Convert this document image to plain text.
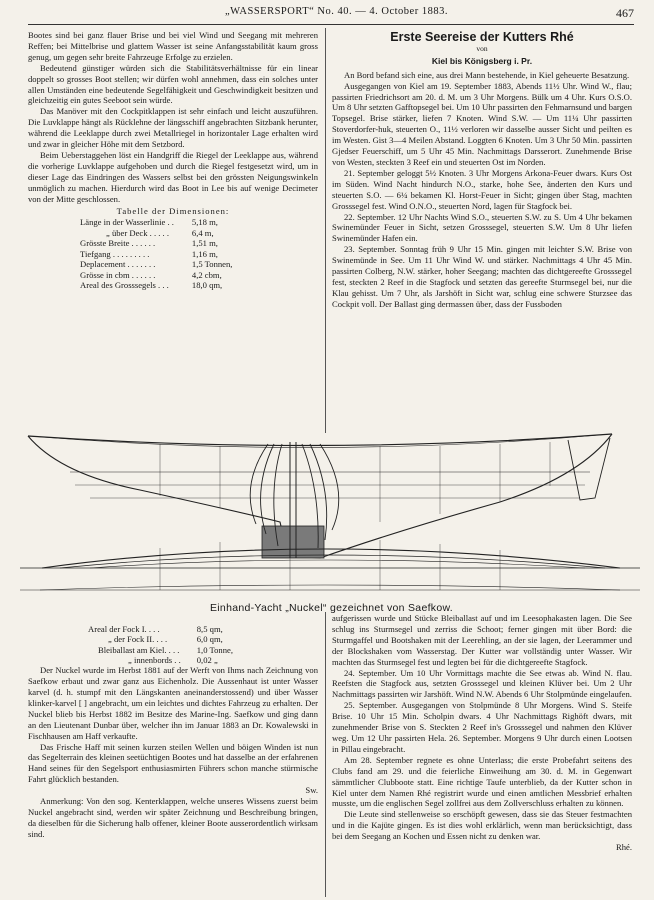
„WASSERSPORT“ No. 40. — 4. October 1883.	467

Bootes sind bei ganz flauer Brise und bei viel Wind und Seegang mit mehreren Reffen; bei Mittelbrise und glattem Wasser ist seine Anfangsstabilität kaum gross genug, um gegen sehr breite Fahrzeuge Erfolge zu erzielen.

Bedeutend günstiger würden sich die Stabilitätsverhältnisse für ein linear doppelt so grosses Boot stellen; wir dürfen wohl annehmen, dass ein solches unter allen Umständen eine bedeutende Segelfähigkeit und Geschwindigkeit besitzen und gleichzeitig ein gutes Seeboot sein würde.

Das Manöver mit den Cockpitklappen ist sehr einfach und leicht auszuführen. Die Luvklappe hängt als Rücklehne der längsschiff angebrachten Sitzbank herunter, während die Leeklappe durch zwei Metallriegel in horizontaler Lage erhalten wird und zwar in gleicher Höhe mit dem Setzbord.

Beim Ueberstaggehen löst ein Handgriff die Riegel der Leeklappe aus, während die vorherige Luvklappe aufgehoben und durch die Riegel festgesetzt wird, um in dieser Lage das Eindringen des Wassers selbst bei den grössten Neigungswinkeln unmöglich zu machen. Hierdurch wird das Boot in Lee bis auf wenige Decimeter von der Mitte geschlossen.

Tabelle der Dimensionen:
Länge in der Wasserlinie . .	5,18 m,
„ über Deck . . . . .	6,4 m,
Grösste Breite . . . . . .	1,51 m,
Tiefgang . . . . . . . . .	1,16 m,
Deplacement . . . . . . .	1,5 Tonnen,
Grösse in cbm . . . . . .	4,2 cbm,
Areal des Grosssegels . . .	18,0 qm,
Erste Seereise der Kutters Rhé
von
Kiel bis Königsberg i. Pr.

An Bord befand sich eine, aus drei Mann bestehende, in Kiel geheuerte Besatzung.

Ausgegangen von Kiel am 19. September 1883, Abends 11½ Uhr. Wind W., flau; passirten Friedrichsort am 20. d. M. um 3 Uhr Morgens. Bülk um 4 Uhr. Kurs O.S.O. Um 8 Uhr setzten Gafftopsegel bei. Um 10 Uhr passirten den Fehmarnsund und bargen Topsegel. Brise stärker, liefen 7 Knoten. Wind S.W. — Um 11¼ Uhr passirten Stoverdorfer-huk, steuerten O., 11½ verloren wir dasselbe ausser Sicht und peilten es im Westen. Gist 3—4 Meilen Abstand. Loggten 6 Knoten. Um 3 Uhr 50 Min. passirten Gjedser Feuerschiff, um 5 Uhr 45 Min. Nachmittags Darsserort. Zunehmende Brise von Westen, steckten 3 Reef ein und steuerten Ost im Norden.

21. September geloggt 5½ Knoten. 3 Uhr Morgens Arkona-Feuer dwars. Kurs Ost im Süden. Wind Nacht hindurch N.O., starke, hohe See, änderten den Kurs und steuerten S.O. — 6¼ bekamen Kl. Horst-Feuer in Sicht; gingen über Stag, machten Grosssegel fest. Wind O.N.O., steuerten Nord, lagen für Stagfock bei.

22. September. 12 Uhr Nachts Wind S.O., steuerten S.W. zu S. Um 4 Uhr bekamen Swinemünder Feuer in Sicht, setzen Grosssegel, steuerten S.W. Um 8 Uhr liefen Swinemünder Hafen ein.

23. September. Sonntag früh 9 Uhr 15 Min. gingen mit leichter S.W. Brise von Swinemünde in See. Um 11 Uhr Wind W. und stärker. Nachmittags 4 Uhr 45 Min. passirten Colberg, N.W. stärker, hoher Seegang; machten das dichtgereefte Grosssegel fest, steckten 2 Reef in die Stagfock und setzten das gereefte Sturmsegel bei, nur die Klau gehisst. Um 7 Uhr, als Jarshöft in Sicht war, schlug eine schwere Sturzsee das Cockpit voll. Der Ballast ging dermassen über, dass der Fussboden

Einhand-Yacht „Nuckel“ gezeichnet von Saefkow.
Areal der Fock I. . . .	8,5 qm,
„ der Fock II. . . .	6,0 qm,
Bleiballast am Kiel. . . .	1,0 Tonne,
„ innenbords . .	0,02 „

Der Nuckel wurde im Herbst 1881 auf der Werft von Ihms nach Zeichnung von Saefkow erbaut und zwar ganz aus Eichenholz. Die Aussenhaut ist unter Wasser karvel (d. h. stumpf mit den Längskanten aneinanderstossend) und über Wasser klinker-karvel [ ] angebracht, um ein leichtes und dichtes Fahrzeug zu erhalten. Der Nuckel blieb bis Herbst 1882 im Besitze des Marine-Ing. Saefkow und ging dann an den Lieutenant Dunbar über, welcher ihn im Januar 1883 an Dr. Kowalewski in Fischhausen am Haff verkaufte.

Das Frische Haff mit seinen kurzen steilen Wellen und böigen Winden ist nun das Segelterrain des kleinen seetüchtigen Bootes und hat dasselbe an der erfahrenen Hand seines für den Segelsport enthusiasmirten Führers schon manche stürmische Fahrt glücklich bestanden.

Sw.

Anmerkung: Von den sog. Kenterklappen, welche unseres Wissens zuerst beim Nuckel angebracht sind, werden wir später Zeichnung und Beschreibung bringen, da dieselben für die Sicherung halb offener, kleiner Boote ausserordentlich wirksam sind.

aufgerissen wurde und Stücke Bleiballast auf und im Leesophakasten lagen. Die See schlug ins Sturmsegel und zerriss die Schoot; ferner gingen mit über Bord: die Sturmgaffel und Bootshaken mit der Leerehling, an der sie lagen, der Leerammer und der Blockshaken vom Wasserstag. Der Kutter war vollständig unter Wasser. Wir machten das Sturmsegel fest und legten bei für die dichtgereefte Stagfock.

24. September. Um 10 Uhr Vormittags machte die See etwas ab. Wind N. flau. Reefsten die Stagfock aus, setzten Grosssegel und kleinen Klüver bei. Um 2 Uhr Nachmittags passirten wir Jarshöft. Wind N.W. Abends 6 Uhr Stolpmünde eingelaufen.

25. September. Ausgegangen von Stolpmünde 8 Uhr Morgens. Wind S. Steife Brise. 10 Uhr 15 Min. Scholpin dwars. 4 Uhr Nachmittags Righöft dwars, mit zunehmender Brise von S. Steckten 2 Reef in's Grosssegel und nahmen den Klüver weg. Um 12 Uhr passirten Hela. 26. September. Morgens 9 Uhr durch einen Lootsen in Pillau eingebracht.

Am 28. September regnete es ohne Unterlass; die erste Probefahrt seitens des Clubs fand am 29. und die feierliche Einweihung am 30. d. M. in Gegenwart sämmtlicher Clubboote statt. Eine richtige Taufe unterblieb, da der Kutter schon in Kiel unter dem Namen Rhé registrirt wurde und einen amtlichen Messbrief erhalten musste, um die englischen Segel zollfrei aus dem Zollverschluss erhalten zu können.

Die Leute sind stellenweise so erschöpft gewesen, dass sie das Steuer festmachten und in die Kajüte gingen. Es ist dies wohl erklärlich, wenn man berücksichtigt, dass bei dem Seegang an Kochen und Essen nicht zu denken war.

Rhé.
